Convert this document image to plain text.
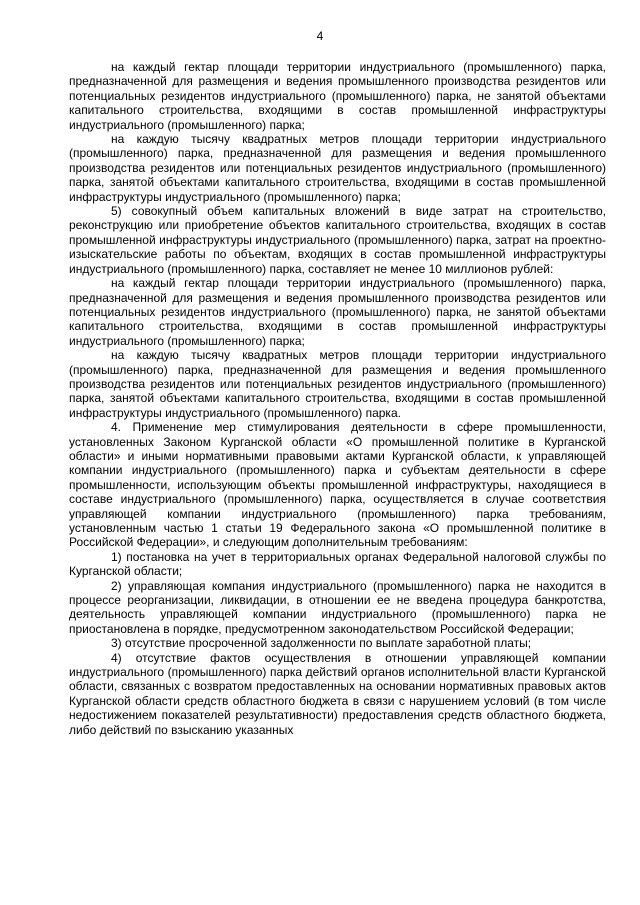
4

на каждый гектар площади территории индустриального (промышленного) парка, предназначенной для размещения и ведения промышленного производства резидентов или потенциальных резидентов индустриального (промышленного) парка, не занятой объектами капитального строительства, входящими в состав промышленной инфраструктуры индустриального (промышленного) парка;

на каждую тысячу квадратных метров площади территории индустриального (промышленного) парка, предназначенной для размещения и ведения промышленного производства резидентов или потенциальных резидентов индустриального (промышленного) парка, занятой объектами капитального строительства, входящими в состав промышленной инфраструктуры индустриального (промышленного) парка;

5) совокупный объем капитальных вложений в виде затрат на строительство, реконструкцию или приобретение объектов капитального строительства, входящих в состав промышленной инфраструктуры индустриального (промышленного) парка, затрат на проектно-изыскательские работы по объектам, входящих в состав промышленной инфраструктуры индустриального (промышленного) парка, составляет не менее 10 миллионов рублей:

на каждый гектар площади территории индустриального (промышленного) парка, предназначенной для размещения и ведения промышленного производства резидентов или потенциальных резидентов индустриального (промышленного) парка, не занятой объектами капитального строительства, входящими в состав промышленной инфраструктуры индустриального (промышленного) парка;

на каждую тысячу квадратных метров площади территории индустриального (промышленного) парка, предназначенной для размещения и ведения промышленного производства резидентов или потенциальных резидентов индустриального (промышленного) парка, занятой объектами капитального строительства, входящими в состав промышленной инфраструктуры индустриального (промышленного) парка.

4. Применение мер стимулирования деятельности в сфере промышленности, установленных Законом Курганской области «О промышленной политике в Курганской области» и иными нормативными правовыми актами Курганской области, к управляющей компании индустриального (промышленного) парка и субъектам деятельности в сфере промышленности, использующим объекты промышленной инфраструктуры, находящиеся в составе индустриального (промышленного) парка, осуществляется в случае соответствия управляющей компании индустриального (промышленного) парка требованиям, установленным частью 1 статьи 19 Федерального закона «О промышленной политике в Российской Федерации», и следующим дополнительным требованиям:

1) постановка на учет в территориальных органах Федеральной налоговой службы по Курганской области;

2) управляющая компания индустриального (промышленного) парка не находится в процессе реорганизации, ликвидации, в отношении ее не введена процедура банкротства, деятельность управляющей компании индустриального (промышленного) парка не приостановлена в порядке, предусмотренном законодательством Российской Федерации;

3) отсутствие просроченной задолженности по выплате заработной платы;

4) отсутствие фактов осуществления в отношении управляющей компании индустриального (промышленного) парка действий органов исполнительной власти Курганской области, связанных с возвратом предоставленных на основании нормативных правовых актов Курганской области средств областного бюджета в связи с нарушением условий (в том числе недостижением показателей результативности) предоставления средств областного бюджета, либо действий по взысканию указанных
